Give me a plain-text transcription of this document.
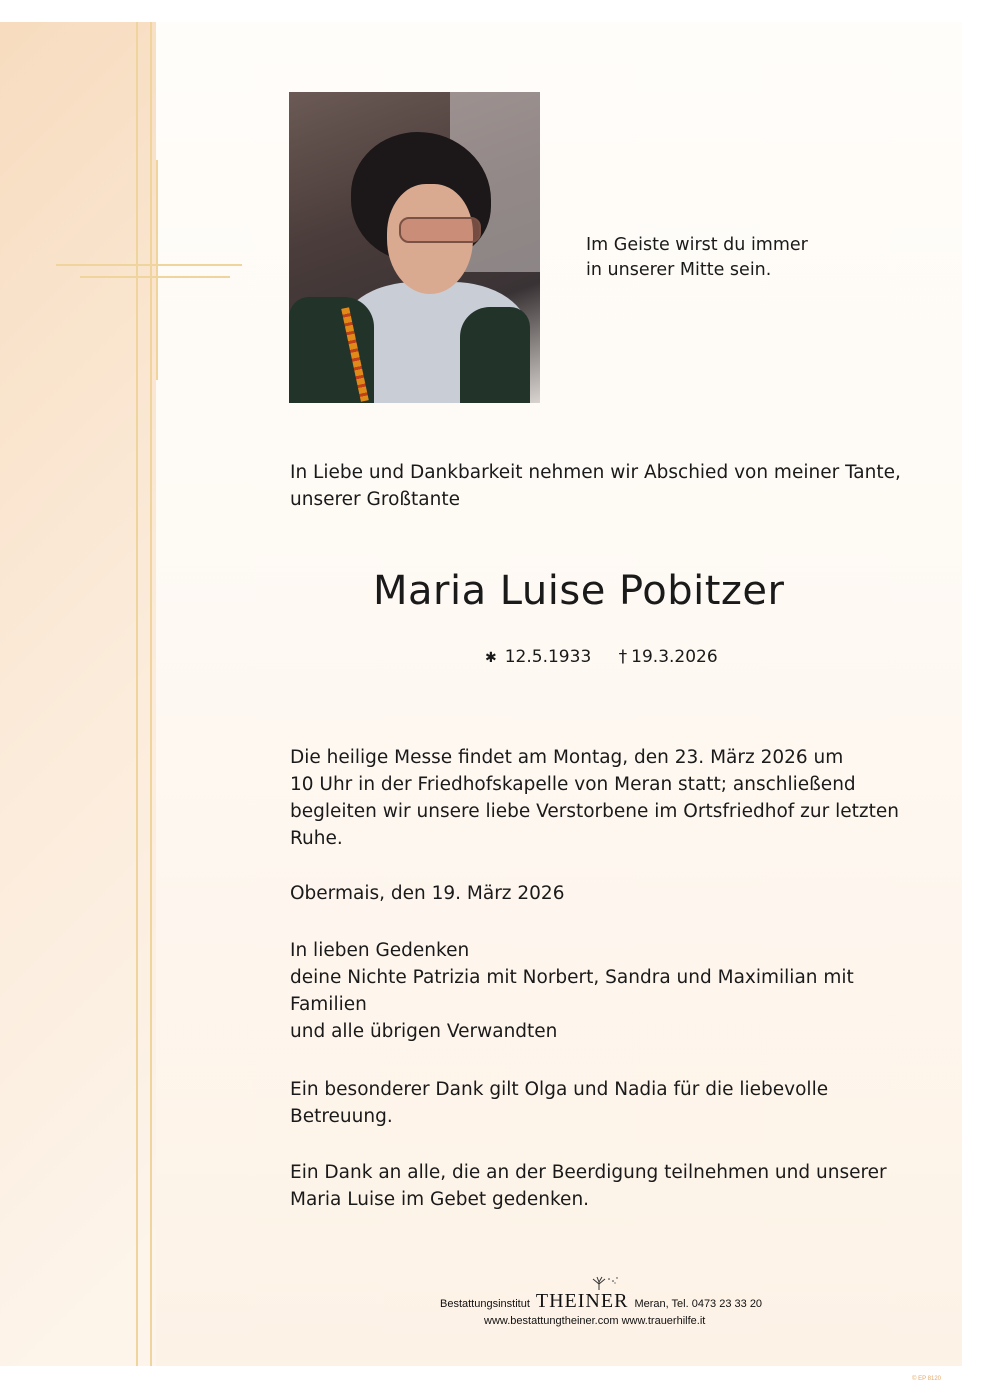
Im Geiste wirst du immer
in unserer Mitte sein.
In Liebe und Dankbarkeit nehmen wir Abschied von meiner Tante,
unserer Großtante
Maria Luise Pobitzer
✱ 12.5.1933 † 19.3.2026
Die heilige Messe findet am Montag, den 23. März 2026 um
10 Uhr in der Friedhofskapelle von Meran statt; anschließend
begleiten wir unsere liebe Verstorbene im Ortsfriedhof zur letzten
Ruhe.
Obermais, den 19. März 2026
In lieben Gedenken
deine Nichte Patrizia mit Norbert, Sandra und Maximilian mit
Familien
und alle übrigen Verwandten
Ein besonderer Dank gilt Olga und Nadia für die liebevolle
Betreuung.
Ein Dank an alle, die an der Beerdigung teilnehmen und unserer
Maria Luise im Gebet gedenken.
Bestattungsinstitut THEINER Meran, Tel. 0473 23 33 20
www.bestattungtheiner.com www.trauerhilfe.it
© EP 8120
